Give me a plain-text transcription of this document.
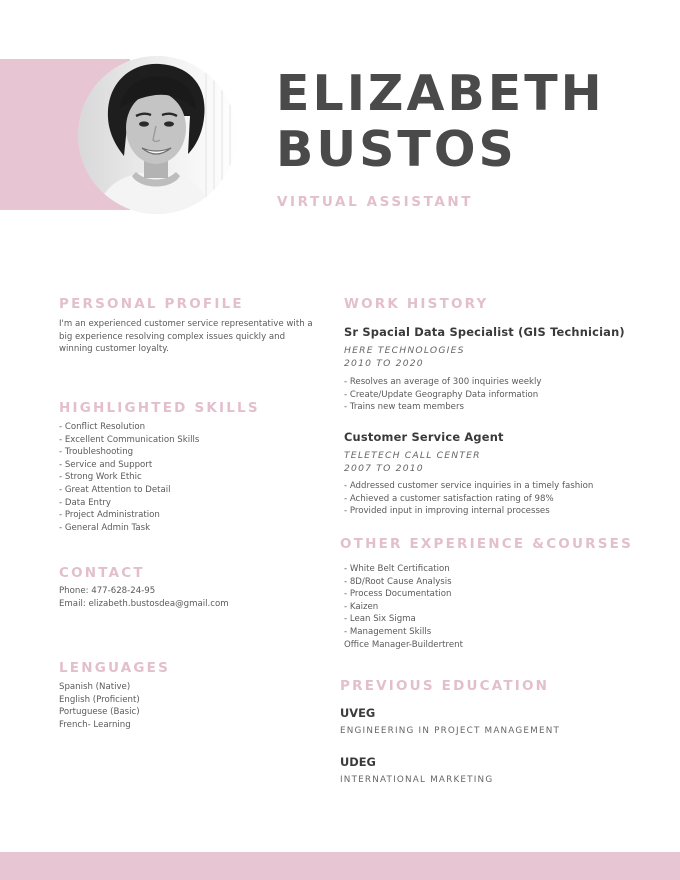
ELIZABETH
BUSTOS
VIRTUAL ASSISTANT
PERSONAL PROFILE
I'm an experienced customer service representative with a
big experience resolving complex issues quickly and
winning customer loyalty.
HIGHLIGHTED SKILLS
- Conflict Resolution
- Excellent Communication Skills
- Troubleshooting
- Service and Support
- Strong Work Ethic
- Great Attention to Detail
- Data Entry
- Project Administration
- General Admin Task
CONTACT
Phone: 477-628-24-95
Email: elizabeth.bustosdea@gmail.com
LENGUAGES
Spanish (Native)
English (Proficient)
Portuguese (Basic)
French- Learning
WORK HISTORY
Sr Spacial Data Specialist (GIS Technician)
HERE TECHNOLOGIES
2010 TO 2020
- Resolves an average of 300 inquiries weekly
- Create/Update Geography Data information
- Trains new team members
Customer Service Agent
TELETECH CALL CENTER
2007 TO 2010
- Addressed customer service inquiries in a timely fashion
- Achieved a customer satisfaction rating of 98%
- Provided input in improving internal processes
OTHER EXPERIENCE &COURSES
- White Belt Certification
- 8D/Root Cause Analysis
- Process Documentation
- Kaizen
- Lean Six Sigma
- Management Skills
Office Manager-Buildertrent
PREVIOUS EDUCATION
UVEG
ENGINEERING IN PROJECT MANAGEMENT
UDEG
INTERNATIONAL MARKETING
